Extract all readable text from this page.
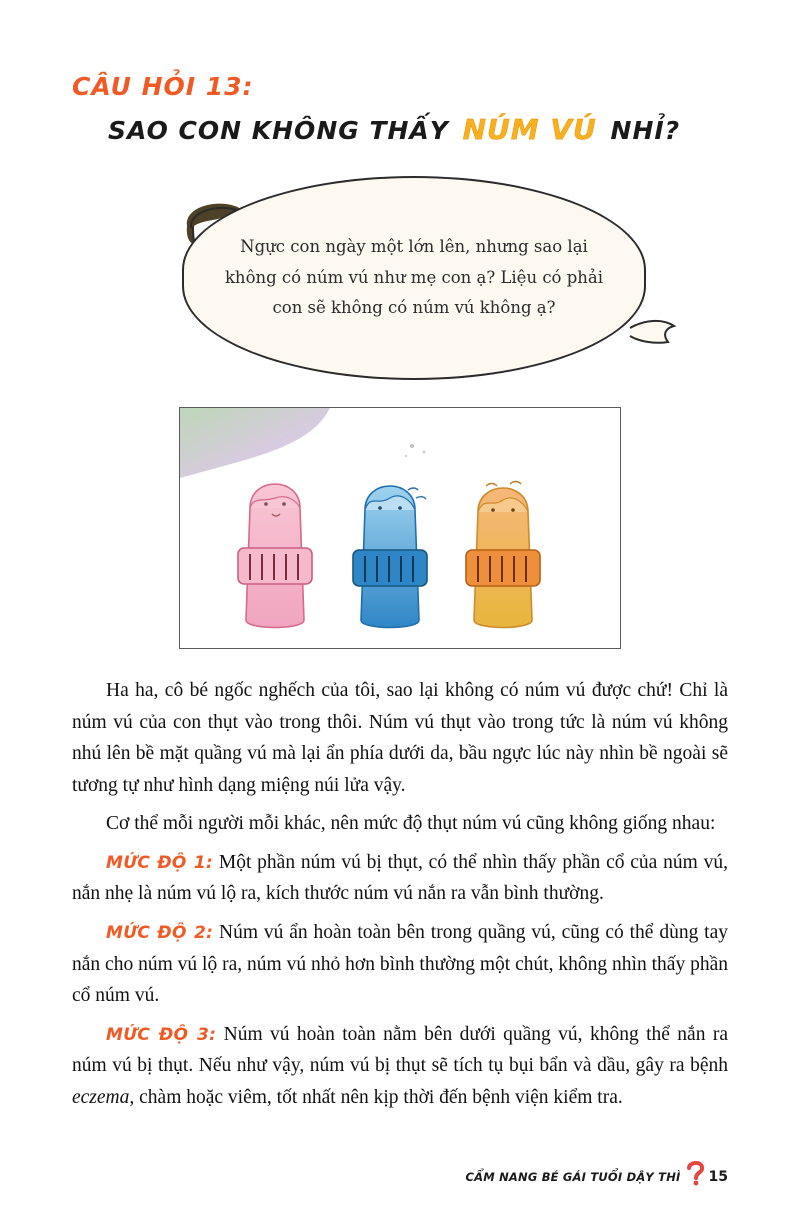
CÂU HỎI 13:
SAO CON KHÔNG THẤY NÚM VÚ NHỈ?
Ngực con ngày một lớn lên, nhưng sao lại không có núm vú như mẹ con ạ? Liệu có phải con sẽ không có núm vú không ạ?

Ha ha, cô bé ngốc nghếch của tôi, sao lại không có núm vú được chứ! Chỉ là núm vú của con thụt vào trong thôi. Núm vú thụt vào trong tức là núm vú không nhú lên bề mặt quầng vú mà lại ẩn phía dưới da, bầu ngực lúc này nhìn bề ngoài sẽ tương tự như hình dạng miệng núi lửa vậy.

Cơ thể mỗi người mỗi khác, nên mức độ thụt núm vú cũng không giống nhau:

MỨC ĐỘ 1: Một phần núm vú bị thụt, có thể nhìn thấy phần cổ của núm vú, nắn nhẹ là núm vú lộ ra, kích thước núm vú nắn ra vẫn bình thường.

MỨC ĐỘ 2: Núm vú ẩn hoàn toàn bên trong quầng vú, cũng có thể dùng tay nắn cho núm vú lộ ra, núm vú nhỏ hơn bình thường một chút, không nhìn thấy phần cổ núm vú.

MỨC ĐỘ 3: Núm vú hoàn toàn nằm bên dưới quầng vú, không thể nắn ra núm vú bị thụt. Nếu như vậy, núm vú bị thụt sẽ tích tụ bụi bẩn và dầu, gây ra bệnh eczema, chàm hoặc viêm, tốt nhất nên kịp thời đến bệnh viện kiểm tra.

CẨM NANG BÉ GÁI TUỔI DẬY THÌ 15
